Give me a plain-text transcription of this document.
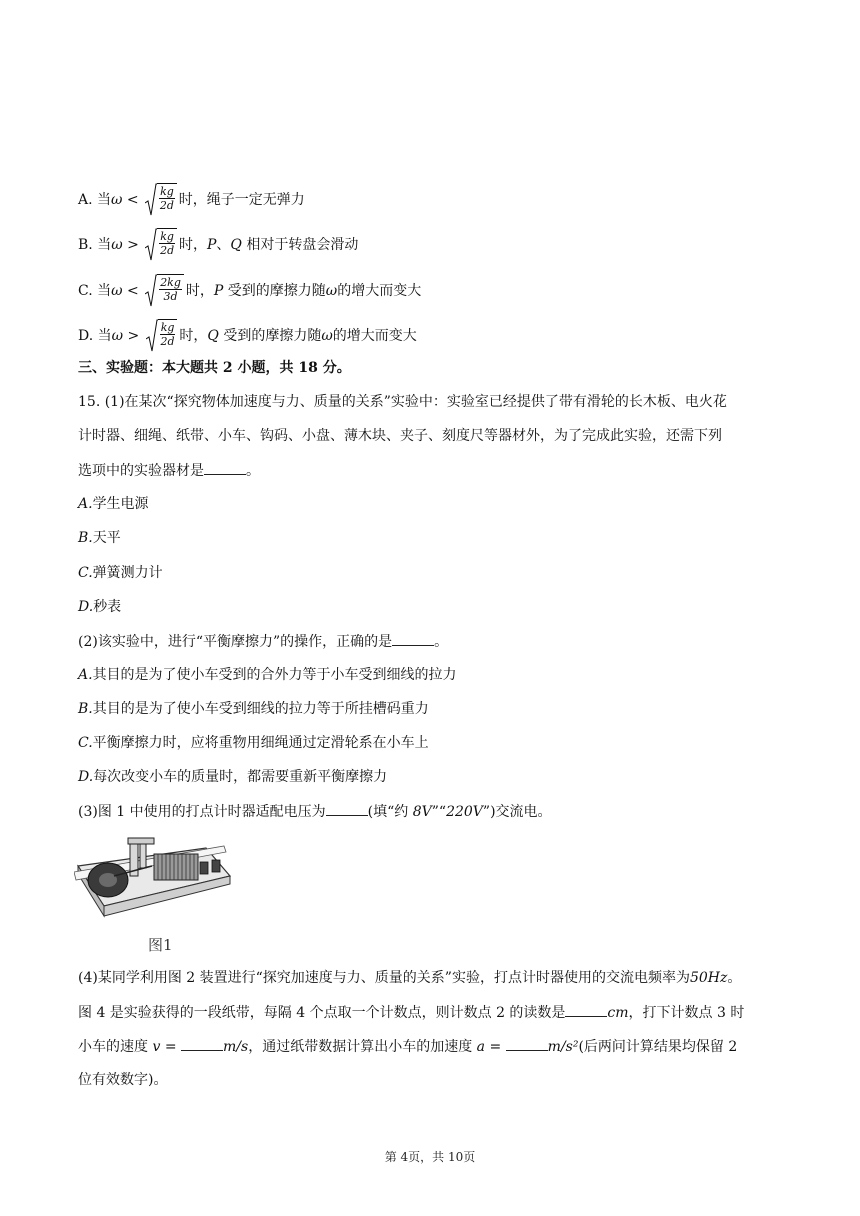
A. 当$\omega < \frac{kg}{2d}$ 时，绳子一定无弹力
B. 当$\omega > \frac{kg}{2d}$ 时，P、Q 相对于转盘会滑动
C. 当$\omega < \frac{2kg}{3d}$ 时，P 受到的摩擦力随ω的增大而变大
D. 当$\omega > \frac{kg}{2d}$ 时，Q 受到的摩擦力随ω的增大而变大
三、实验题：本大题共 2 小题，共 18 分。
15. (1)在某次“探究物体加速度与力、质量的关系”实验中：实验室已经提供了带有滑轮的长木板、电火花
计时器、细绳、纸带、小车、钩码、小盘、薄木块、夹子、刻度尺等器材外，为了完成此实验，还需下列
选项中的实验器材是	。
A.学生电源
B.天平
C.弹簧测力计
D.秒表
(2)该实验中，进行“平衡摩擦力”的操作，正确的是	。
A.其目的是为了使小车受到的合外力等于小车受到细线的拉力
B.其目的是为了使小车受到细线的拉力等于所挂槽码重力
C.平衡摩擦力时，应将重物用细绳通过定滑轮系在小车上
D.每次改变小车的质量时，都需要重新平衡摩擦力
(3)图 1 中使用的打点计时器适配电压为	(填“约 8V”“220V”)交流电。
图1
(4)某同学利用图 2 装置进行“探究加速度与力、质量的关系”实验，打点计时器使用的交流电频率为50Hz。
图 4 是实验获得的一段纸带，每隔 4 个点取一个计数点，则计数点 2 的读数是	cm，打下计数点 3 时
小车的速度 v =	m/s，通过纸带数据计算出小车的加速度 a =	m/s²(后两问计算结果均保留 2
位有效数字)。
第 4页，共 10页
